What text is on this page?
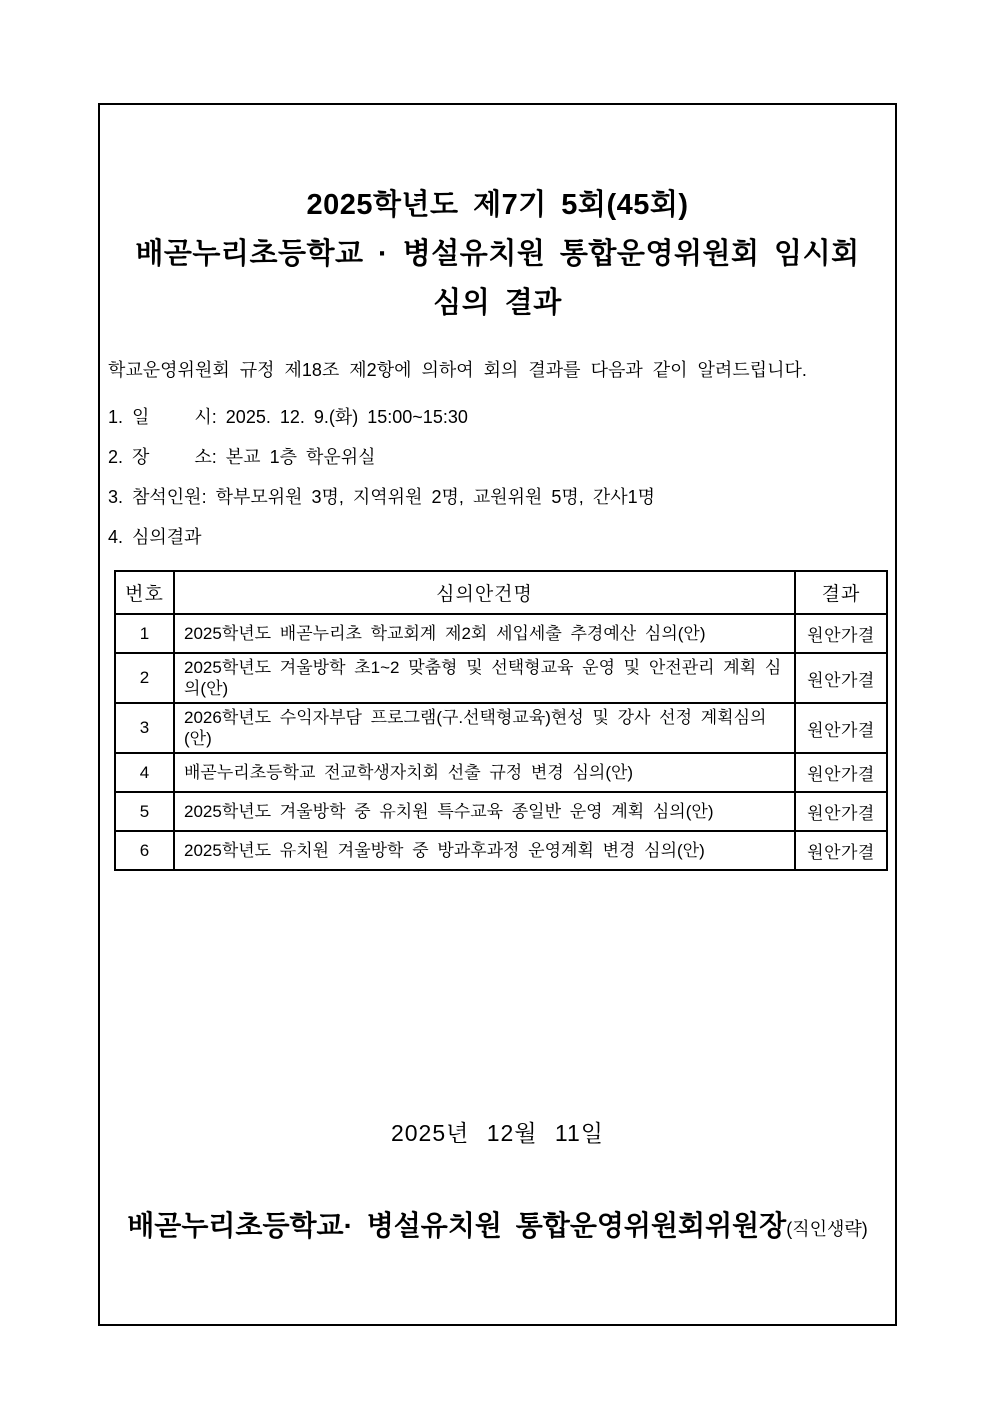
2025학년도 제7기 5회(45회)
배곧누리초등학교 · 병설유치원 통합운영위원회 임시회
심의 결과

학교운영위원회 규정 제18조 제2항에 의하여 회의 결과를 다음과 같이 알려드립니다.

1. 일     시: 2025. 12. 9.(화) 15:00~15:30
2. 장     소: 본교 1층 학운위실
3. 참석인원: 학부모위원 3명, 지역위원 2명, 교원위원 5명, 간사1명
4. 심의결과
번호	심의안건명	결과
1	2025학년도 배곧누리초 학교회계 제2회 세입세출 추경예산 심의(안)	원안가결
2	2025학년도 겨울방학 초1~2 맞춤형 및 선택형교육 운영 및 안전관리 계획 심의(안)	원안가결
3	2026학년도 수익자부담 프로그램(구.선택형교육)현성 및 강사 선정 계획심의(안)	원안가결
4	배곧누리초등학교 전교학생자치회 선출 규정 변경 심의(안)	원안가결
5	2025학년도 겨울방학 중 유치원 특수교육 종일반 운영 계획 심의(안)	원안가결
6	2025학년도 유치원 겨울방학 중 방과후과정 운영계획 변경 심의(안)	원안가결
2025년 12월 11일
배곧누리초등학교· 병설유치원 통합운영위원회위원장(직인생략)
